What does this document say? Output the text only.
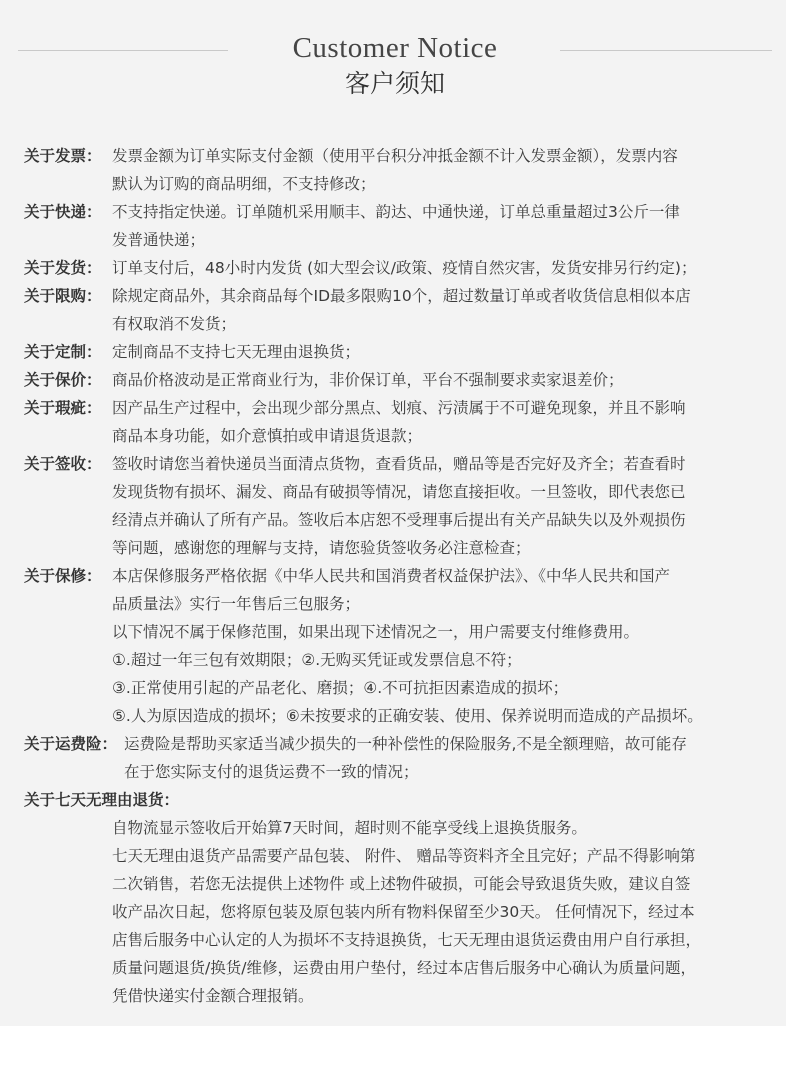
Customer Notice
客户须知
关于发票： 发票金额为订单实际支付金额（使用平台积分冲抵金额不计入发票金额），发票内容
默认为订购的商品明细，不支持修改；
关于快递： 不支持指定快递。订单随机采用顺丰、韵达、中通快递，订单总重量超过3公斤一律
发普通快递；
关于发货： 订单支付后，48小时内发货 (如大型会议/政策、疫情自然灾害，发货安排另行约定)；
关于限购： 除规定商品外，其余商品每个ID最多限购10个，超过数量订单或者收货信息相似本店
有权取消不发货；
关于定制： 定制商品不支持七天无理由退换货；
关于保价： 商品价格波动是正常商业行为，非价保订单，平台不强制要求卖家退差价；
关于瑕疵： 因产品生产过程中，会出现少部分黑点、划痕、污渍属于不可避免现象，并且不影响
商品本身功能，如介意慎拍或申请退货退款；
关于签收： 签收时请您当着快递员当面清点货物，查看货品，赠品等是否完好及齐全；若查看时
发现货物有损坏、漏发、商品有破损等情况，请您直接拒收。一旦签收，即代表您已
经清点并确认了所有产品。签收后本店恕不受理事后提出有关产品缺失以及外观损伤
等问题，感谢您的理解与支持，请您验货签收务必注意检查；
关于保修： 本店保修服务严格依据《中华人民共和国消费者权益保护法》、《中华人民共和国产
品质量法》实行一年售后三包服务；
以下情况不属于保修范围，如果出现下述情况之一，用户需要支付维修费用。
①.超过一年三包有效期限；②.无购买凭证或发票信息不符；
③.正常使用引起的产品老化、磨损；④.不可抗拒因素造成的损坏；
⑤.人为原因造成的损坏；⑥未按要求的正确安装、使用、保养说明而造成的产品损坏。
关于运费险： 运费险是帮助买家适当减少损失的一种补偿性的保险服务,不是全额理赔，故可能存
在于您实际支付的退货运费不一致的情况；
关于七天无理由退货：
自物流显示签收后开始算7天时间，超时则不能享受线上退换货服务。
七天无理由退货产品需要产品包装、 附件、 赠品等资料齐全且完好；产品不得影响第
二次销售，若您无法提供上述物件 或上述物件破损，可能会导致退货失败，建议自签
收产品次日起，您将原包装及原包装内所有物料保留至少30天。 任何情况下，经过本
店售后服务中心认定的人为损坏不支持退换货，七天无理由退货运费由用户自行承担，
质量问题退货/换货/维修，运费由用户垫付，经过本店售后服务中心确认为质量问题，
凭借快递实付金额合理报销。
